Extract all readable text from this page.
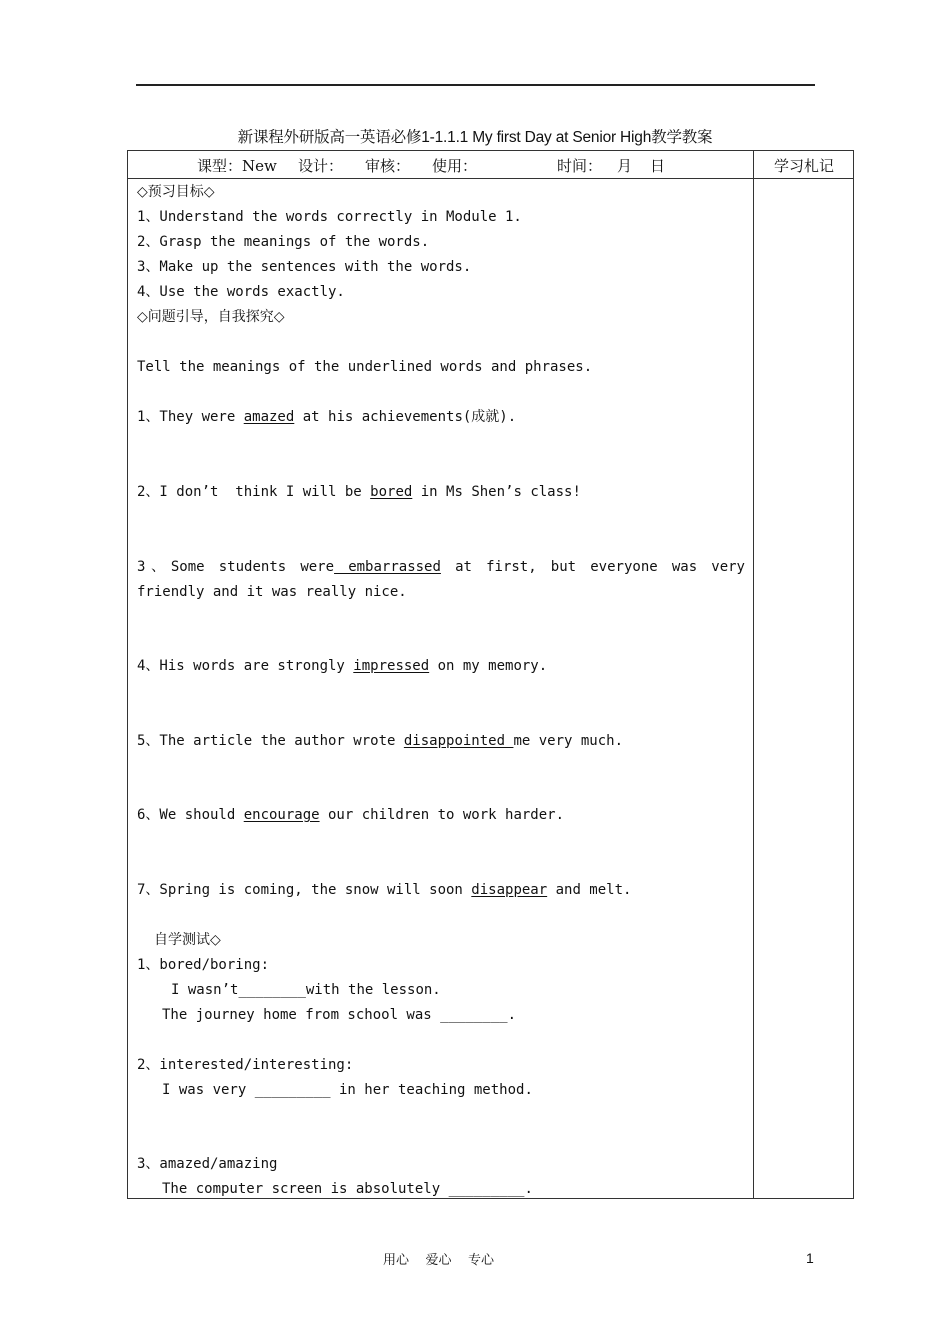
新课程外研版高一英语必修1-1.1.1 My first Day at Senior High教学教案
课型：New 设计： 审核： 使用：	时间： 月 日	学习札记
◇预习目标◇
1、Understand the words correctly in Module 1.
2、Grasp the meanings of the words.
3、Make up the sentences with the words.
4、Use the words exactly.
◇问题引导，自我探究◇
Tell the meanings of the underlined words and phrases.
1、They were amazed at his achievements(成就).
2、I don’t  think I will be bored in Ms Shen’s class!
3、Some students were embarrassed at first, but everyone was very
friendly and it was really nice.
4、His words are strongly impressed on my memory.
5、The article the author wrote disappointed me very much.
6、We should encourage our children to work harder.
7、Spring is coming, the snow will soon disappear and melt.
自学测试◇
1、bored/boring:
I wasn’t________with the lesson.
The journey home from school was ________.
2、interested/interesting:
I was very _________ in her teaching method.
3、amazed/amazing
The computer screen is absolutely _________.
用心    爱心    专心	1
